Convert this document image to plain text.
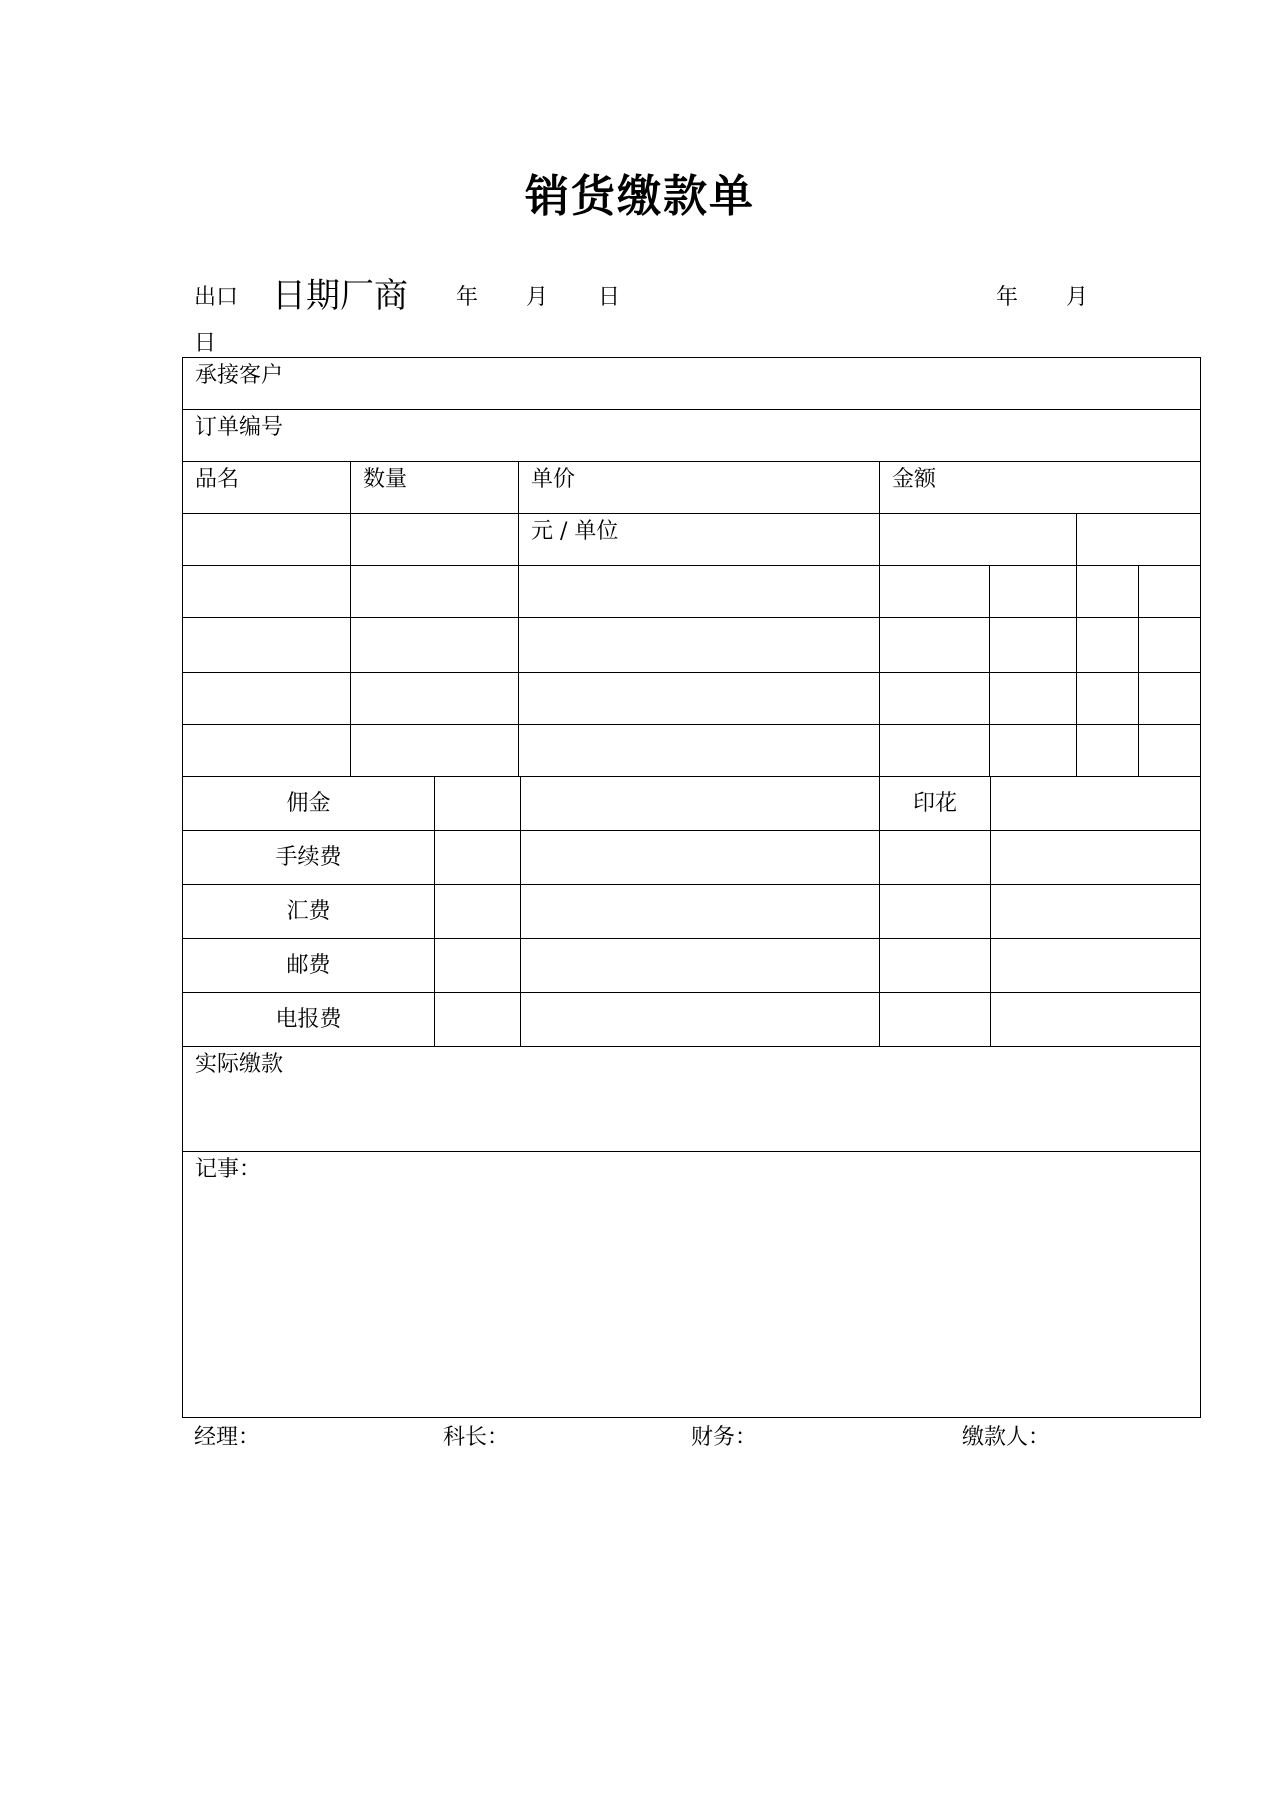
销货缴款单
出口 日期厂商 年 月 日	年 月
日
承接客户								
订单编号								
品名	数量		单价		金额			
			元 / 单位					

佣金					印花			
手续费								
汇费								
邮费								
电报费								
实际缴款								
记事：								
经理：	科长：	财务：	缴款人：
